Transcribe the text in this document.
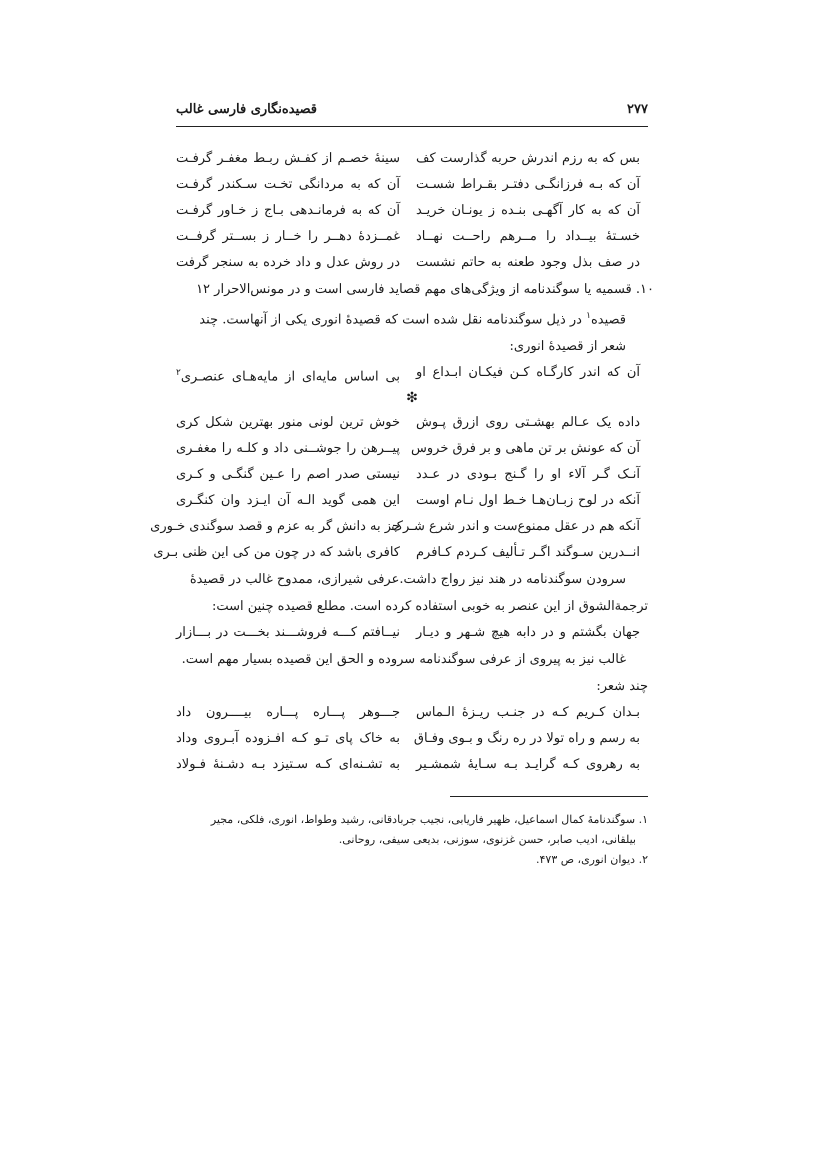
۲۷۷
قصیده‌نگاری فارسی غالب
بس که به رزم اندرش حربه گذارست کف
سینهٔ خصـم از کفـش ربـط مغفـر گرفـت
آن که بـه فرزانگـی دفتـر بقـراط شسـت
آن که به مردانگی تخـت سـکندر گرفـت
آن که به کار آگهـی بنـده ز یونـان خریـد
آن که به فرمانـدهی بـاج ز خـاور گرفـت
خسـتهٔ بیــداد را مــرهم راحــت نهــاد
غمــزدهٔ دهــر را خــار ز بســتر گرفــت
در صف بذل وجود طعنه به حاتم نشست
در روش عدل و داد خرده به سنجر گرفت

۱۰. قسمیه یا سوگندنامه از ویژگی‌های مهم قصاید فارسی است و در مونس‌الاحرار ۱۲

قصیده$^۱$ در ذیل سوگندنامه نقل شده است که قصیدهٔ انوری یکی از آنهاست. چند

شعر از قصیدهٔ انوری:

آن که اندر کارگـاه کـن فیکـان ابـداع او
بی اساس مایه‌ای از مایه‌هـای عنصـری$^۲$
❇
داده یک عـالم بهشـتی روی ازرق پـوش
خوش ترین لونی منور بهترین شکل کری
آن که عونش بر تن ماهی و بر فرق خروس
پیــرهن را جوشــنی داد و کلـه را مغفـری
آنـک گـر آلاء او را گـنج بـودی در عـدد
نیستی صدر اصم را عـین گنگـی و کـری
آنکه در لوح زبـان‌هـا خـط اول نـام اوست
این همی گوید الـه آن ایـزد وان کنگـری
آنکه هم در عقل ممنوع‌ست و اندر شرع شـرک
جز به دانش گر به عزم و قصد سوگندی خـوری
انــدرین سـوگند اگـر تـألیف کـردم کـافرم
کافری باشد که در چون من کی این ظنی بـری

سرودن سوگندنامه در هند نیز رواج داشت.عرفی شیرازی، ممدوح غالب در قصیدهٔ

ترجمةالشوق از این عنصر به خوبی استفاده کرده است. مطلع قصیده چنین است:

جهان بگشتم و در دابه هیچ شـهر و دیـار
نیــافتم کـــه فروشـــند بخـــت در بـــازار

غالب نیز به پیروی از عرفی سوگندنامه سروده و الحق این قصیده بسیار مهم است.

چند شعر:

بـدان کـریم کـه در جنـب ریـزهٔ الـماس
جـــوهر پـــاره پـــاره بیــــرون داد
به رسم و راه تولا در ره رنگ و بـوی وفـاق
به خاک پای تـو کـه افـزوده آبـروی وداد
به رهروی کـه گرایـد بـه سـایهٔ شمشـیر
به تشـنه‌ای کـه سـتیزد بـه دشـنهٔ فـولاد

۱. سوگندنامهٔ کمال اسماعیل، ظهیر فاریابی، نجیب جربادقانی، رشید وطواط، انوری، فلکی، مجیر

بیلقانی، ادیب صابر، حسن غزنوی، سوزنی، بدیعی سیفی، روحانی.

۲. دیوان انوری، ص ۴۷۳.
